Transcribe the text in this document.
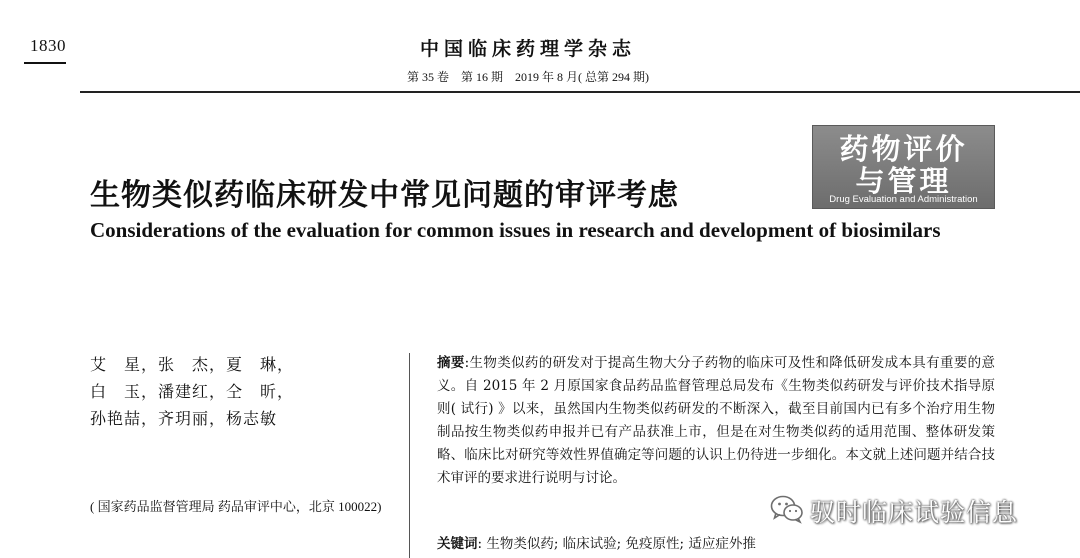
1830	中国临床药理学杂志
第 35 卷　第 16 期　2019 年 8 月( 总第 294 期)
药物评价
与管理
Drug Evaluation and Administration
生物类似药临床研发中常见问题的审评考虑
Considerations of the evaluation for common issues in research and development of biosimilars
艾　星，张　杰，夏　琳，
白　玉，潘建红，仝　昕，
孙艳喆，齐玥丽，杨志敏
( 国家药品监督管理局 药品审评中心，北京 100022)
摘要:生物类似药的研发对于提高生物大分子药物的临床可及性和降低研发成本具有重要的意义。自 2015 年 2 月原国家食品药品监督管理总局发布《生物类似药研发与评价技术指导原则( 试行) 》以来，虽然国内生物类似药研发的不断深入，截至目前国内已有多个治疗用生物制品按生物类似药申报并已有产品获准上市，但是在对生物类似药的适用范围、整体研发策略、临床比对研究等效性界值确定等问题的认识上仍待进一步细化。本文就上述问题并结合技术审评的要求进行说明与讨论。
关键词: 生物类似药; 临床试验; 免疫原性; 适应症外推
驭时临床试验信息
